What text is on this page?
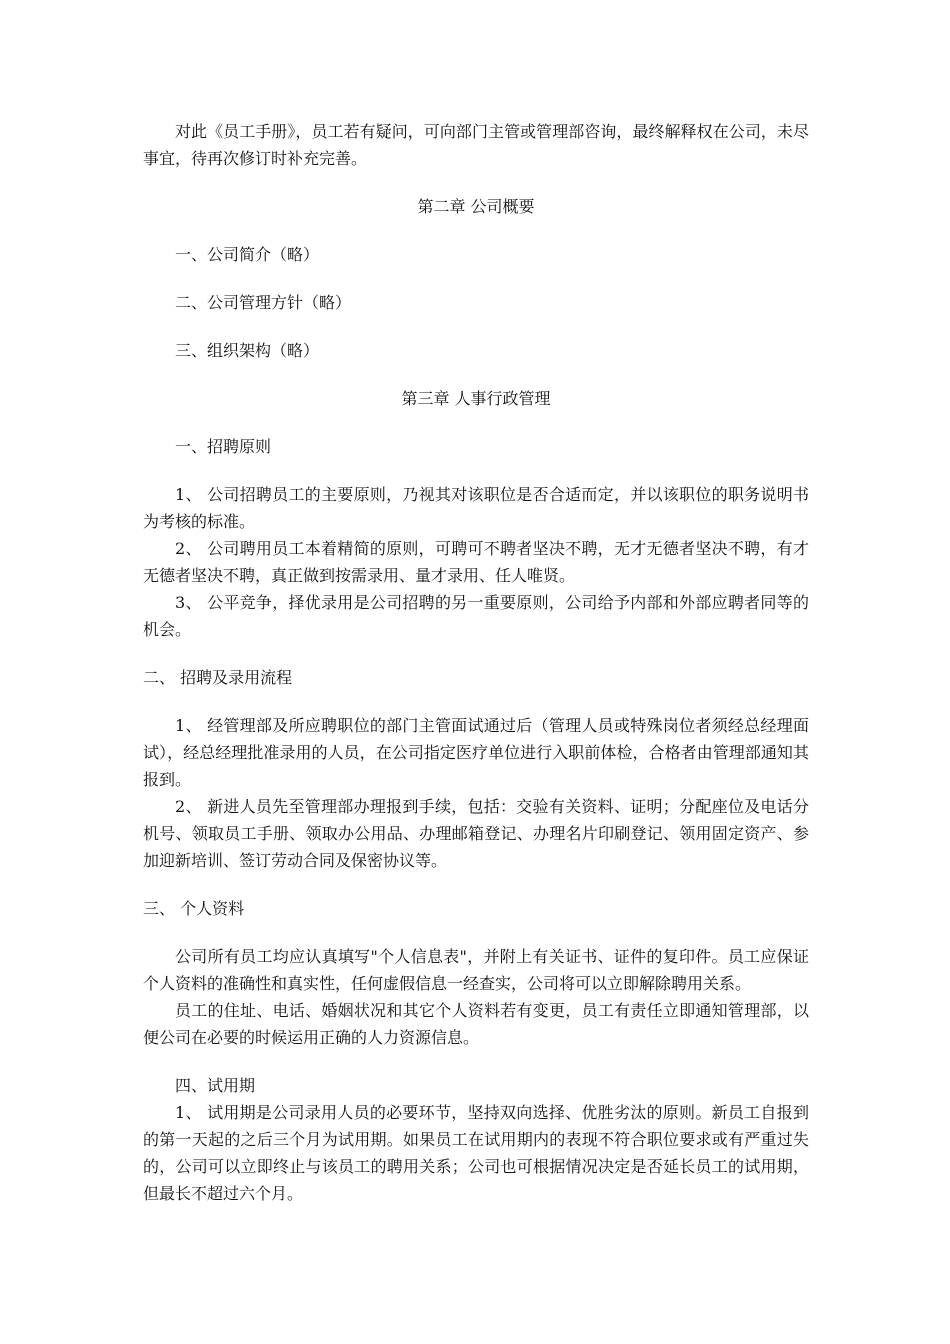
对此《员工手册》，员工若有疑问，可向部门主管或管理部咨询，最终解释权在公司，未尽事宜，待再次修订时补充完善。

第二章 公司概要

一、公司简介（略）

二、公司管理方针（略）

三、组织架构（略）

第三章 人事行政管理

一、招聘原则

1、 公司招聘员工的主要原则，乃视其对该职位是否合适而定，并以该职位的职务说明书为考核的标准。

2、 公司聘用员工本着精简的原则，可聘可不聘者坚决不聘，无才无德者坚决不聘，有才无德者坚决不聘，真正做到按需录用、量才录用、任人唯贤。

3、 公平竞争，择优录用是公司招聘的另一重要原则，公司给予内部和外部应聘者同等的机会。

二、 招聘及录用流程

1、 经管理部及所应聘职位的部门主管面试通过后（管理人员或特殊岗位者须经总经理面试），经总经理批准录用的人员，在公司指定医疗单位进行入职前体检，合格者由管理部通知其报到。

2、 新进人员先至管理部办理报到手续，包括：交验有关资料、证明；分配座位及电话分机号、领取员工手册、领取办公用品、办理邮箱登记、办理名片印刷登记、领用固定资产、参加迎新培训、签订劳动合同及保密协议等。

三、 个人资料

公司所有员工均应认真填写"个人信息表"，并附上有关证书、证件的复印件。员工应保证个人资料的准确性和真实性，任何虚假信息一经查实，公司将可以立即解除聘用关系。

员工的住址、电话、婚姻状况和其它个人资料若有变更，员工有责任立即通知管理部，以便公司在必要的时候运用正确的人力资源信息。

四、试用期

1、 试用期是公司录用人员的必要环节，坚持双向选择、优胜劣汰的原则。新员工自报到的第一天起的之后三个月为试用期。如果员工在试用期内的表现不符合职位要求或有严重过失的，公司可以立即终止与该员工的聘用关系；公司也可根据情况决定是否延长员工的试用期，但最长不超过六个月。
